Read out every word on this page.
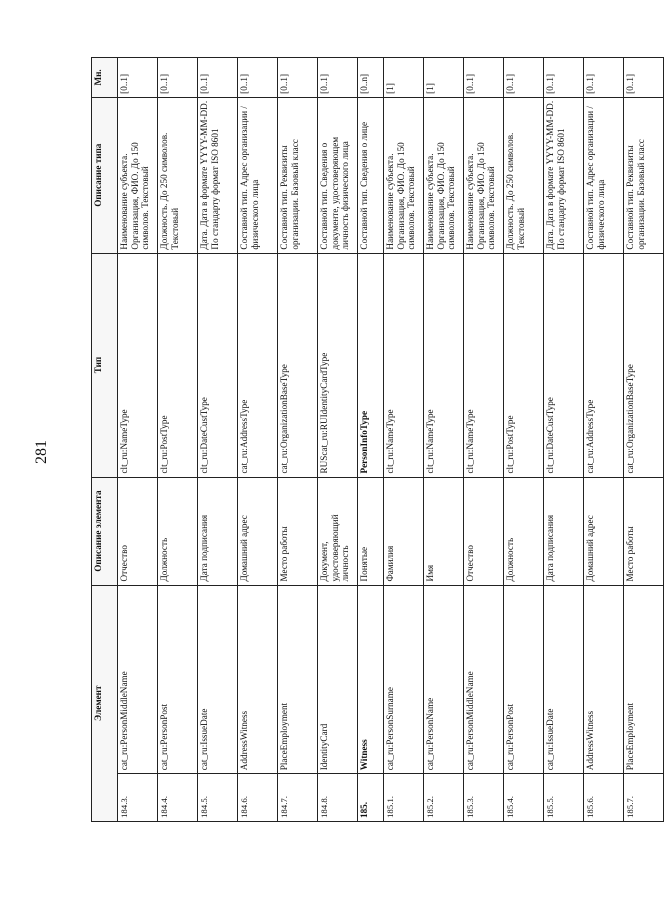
281
Элемент		Описание элемента	Тип	Описание типа	Мн.
184.3.	cat_ru:PersonMiddleName	Отчество	clt_ru:NameType	Наименование субъекта. Организация, ФИО. До 150 символов. Текстовый	[0..1]
184.4.	cat_ru:PersonPost	Должность	clt_ru:PostType	Должность. До 250 символов. Текстовый	[0..1]
184.5.	cat_ru:IssueDate	Дата подписания	clt_ru:DateCustType	Дата. Дата в формате YYYY-MM-DD. По стандарту формат ISO 8601	[0..1]
184.6.	AddressWitness	Домашний адрес	cat_ru:AddressType	Составной тип. Адрес организации / физического лица	[0..1]
184.7.	PlaceEmployment	Место работы	cat_ru:OrganizationBaseType	Составной тип. Реквизиты организации. Базовый класс	[0..1]
184.8.	IdentityCard	Документ, удостоверяющий личность	RUScat_ru:RUIdentityCardType	Составной тип. Сведения о документе, удостоверяющем личность физического лица	[0..1]
185.	Witness	Понятые	PersonInfoType	Составной тип. Сведения о лице	[0..n]
185.1.	cat_ru:PersonSurname	Фамилия	clt_ru:NameType	Наименование субъекта. Организация, ФИО. До 150 символов. Текстовый	[1]
185.2.	cat_ru:PersonName	Имя	clt_ru:NameType	Наименование субъекта. Организация, ФИО. До 150 символов. Текстовый	[1]
185.3.	cat_ru:PersonMiddleName	Отчество	clt_ru:NameType	Наименование субъекта. Организация, ФИО. До 150 символов. Текстовый	[0..1]
185.4.	cat_ru:PersonPost	Должность	clt_ru:PostType	Должность. До 250 символов. Текстовый	[0..1]
185.5.	cat_ru:IssueDate	Дата подписания	clt_ru:DateCustType	Дата. Дата в формате YYYY-MM-DD. По стандарту формат ISO 8601	[0..1]
185.6.	AddressWitness	Домашний адрес	cat_ru:AddressType	Составной тип. Адрес организации / физического лица	[0..1]
185.7.	PlaceEmployment	Место работы	cat_ru:OrganizationBaseType	Составной тип. Реквизиты организации. Базовый класс	[0..1]
